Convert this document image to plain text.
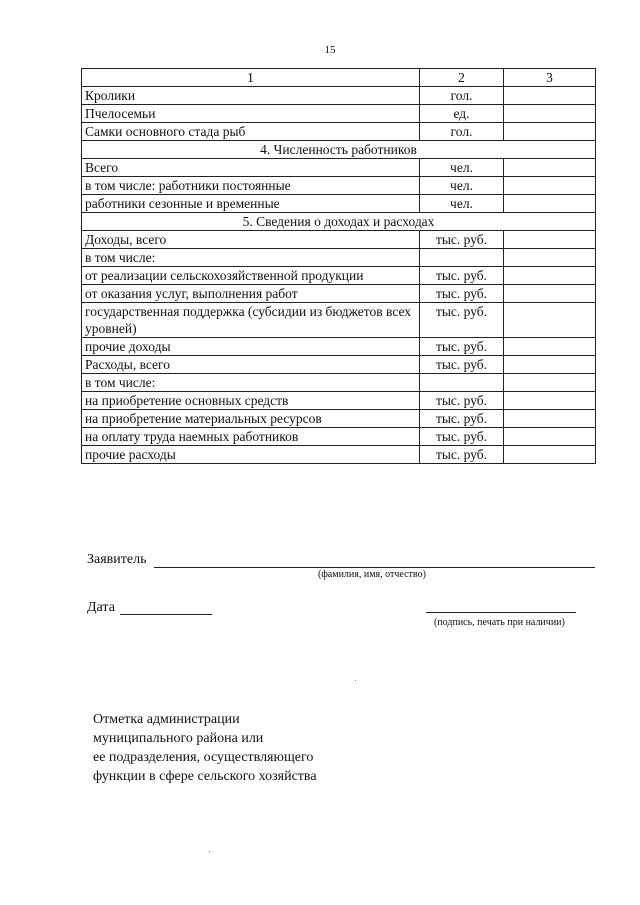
15
1	2	3
Кролики	гол.	
Пчелосемьи	ед.	
Самки основного стада рыб	гол.	
4. Численность работников		
Всего	чел.	
в том числе: работники постоянные	чел.	
работники сезонные и временные	чел.	
5. Сведения о доходах и расходах		
Доходы, всего	тыс. руб.	
в том числе:		
от реализации сельскохозяйственной продукции	тыс. руб.	
от оказания услуг, выполнения работ	тыс. руб.	
государственная поддержка (субсидии из бюджетов всех уровней)	тыс. руб.	
прочие доходы	тыс. руб.	
Расходы, всего	тыс. руб.	
в том числе:		
на приобретение основных средств	тыс. руб.	
на приобретение материальных ресурсов	тыс. руб.	
на оплату труда наемных работников	тыс. руб.	
прочие расходы	тыс. руб.	
Заявитель
(фамилия, имя, отчество)
Дата
(подпись, печать при наличии)
Отметка администрации
муниципального района или
ее подразделения, осуществляющего
функции в сфере сельского хозяйства
